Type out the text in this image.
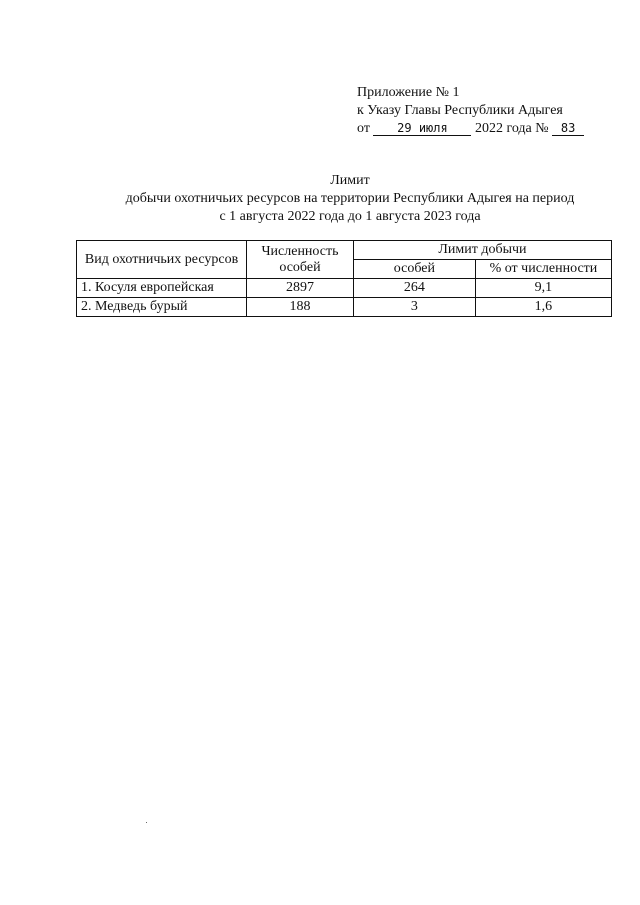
Приложение № 1
к Указу Главы Республики Адыгея
от 29 июля 2022 года № 83
Лимит
добычи охотничьих ресурсов на территории Республики Адыгея на период
с 1 августа 2022 года до 1 августа 2023 года
Вид охотничьих ресурсов	Численность особей	Лимит добычи	
		особей	% от численности
1. Косуля европейская	2897	264	9,1
2. Медведь бурый	188	3	1,6
